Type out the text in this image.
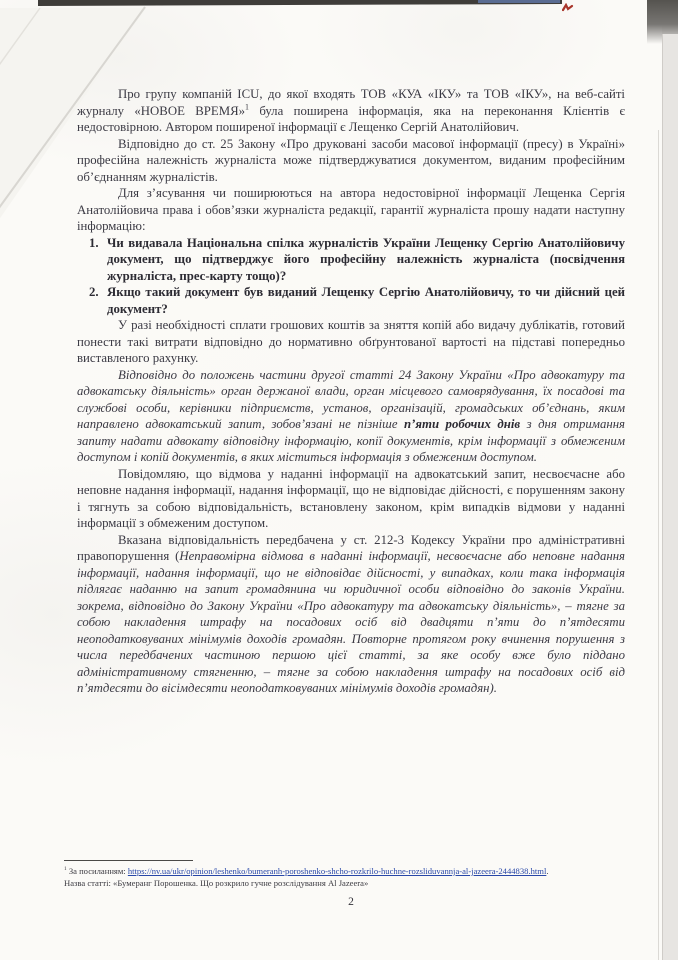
Про групу компаній ICU, до якої входять ТОВ «КУА «ІКУ» та ТОВ «ІКУ», на веб-сайті журналу «НОВОЕ ВРЕМЯ»$^1$ була поширена інформація, яка на переконання Клієнтів є недостовірною. Автором поширеної інформації є Лещенко Сергій Анатолійович.
Відповідно до ст. 25 Закону «Про друковані засоби масової інформації (пресу) в Україні» професійна належність журналіста може підтверджуватися документом, виданим професійним об’єднанням журналістів.
Для з’ясування чи поширюються на автора недостовірної інформації Лещенка Сергія Анатолійовича права і обов’язки журналіста редакції, гарантії журналіста прошу надати наступну інформацію:
1. Чи видавала Національна спілка журналістів України Лещенку Сергію Анатолійовичу документ, що підтверджує його професійну належність журналіста (посвідчення журналіста, прес-карту тощо)?
2. Якщо такий документ був виданий Лещенку Сергію Анатолійовичу, то чи дійсний цей документ?
У разі необхідності сплати грошових коштів за зняття копій або видачу дублікатів, готовий понести такі витрати відповідно до нормативно обґрунтованої вартості на підставі попередньо виставленого рахунку.
Відповідно до положень частини другої статті 24 Закону України «Про адвокатуру та адвокатську діяльність» орган держаної влади, орган місцевого самоврядування, їх посадові та службові особи, керівники підприємств, установ, організацій, громадських об’єднань, яким направлено адвокатський запит, зобов’язані не пізніше п’яти робочих днів з дня отримання запиту надати адвокату відповідну інформацію, копії документів, крім інформації з обмеженим доступом і копій документів, в яких міститься інформація з обмеженим доступом.
Повідомляю, що відмова у наданні інформації на адвокатський запит, несвоєчасне або неповне надання інформації, надання інформації, що не відповідає дійсності, є порушенням закону і тягнуть за собою відповідальність, встановлену законом, крім випадків відмови у наданні інформації з обмеженим доступом.
Вказана відповідальність передбачена у ст. 212-3 Кодексу України про адміністративні правопорушення (Неправомірна відмова в наданні інформації, несвоєчасне або неповне надання інформації, надання інформації, що не відповідає дійсності, у випадках, коли така інформація підлягає наданню на запит громадянина чи юридичної особи відповідно до законів України. зокрема, відповідно до Закону України «Про адвокатуру та адвокатську діяльність», – тягне за собою накладення штрафу на посадових осіб від двадцяти п’яти до п’ятдесяти неоподатковуваних мінімумів доходів громадян. Повторне протягом року вчинення порушення з числа передбачених частиною першою цієї статті, за яке особу вже було піддано адміністративному стягненню, – тягне за собою накладення штрафу на посадових осіб від п’ятдесяти до вісімдесяти неоподатковуваних мінімумів доходів громадян).
$^1$ За посиланням: https://nv.ua/ukr/opinion/leshenko/bumeranh-poroshenko-shcho-rozkrilo-huchne-rozsliduvannja-al-jazeera-2444838.html.
Назва статті: «Бумеранг Порошенка. Що розкрило гучне розслідування Al Jazeera»
2
